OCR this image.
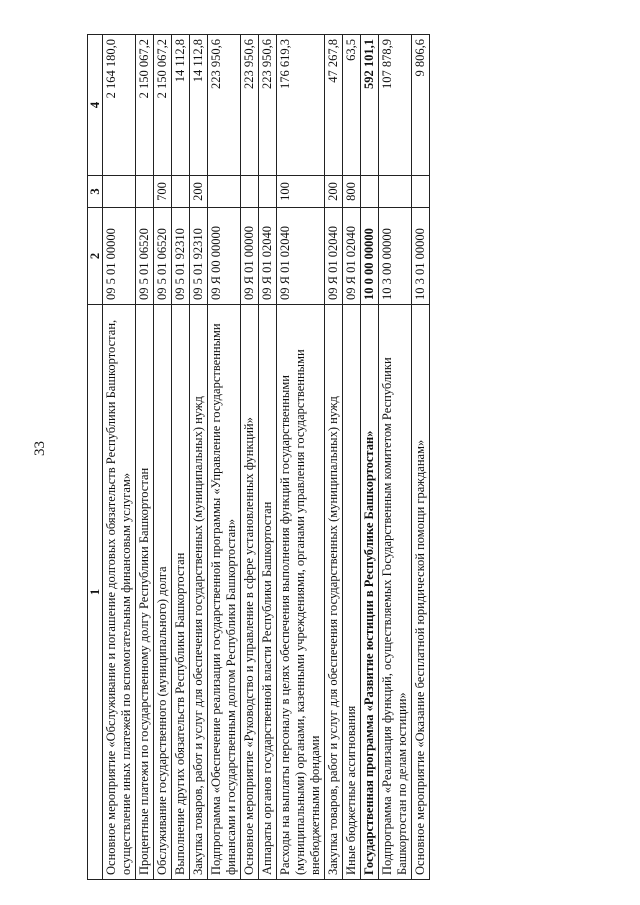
33
1	2	3	4
Основное мероприятие «Обслуживание и погашение долговых обязательств Республики Башкортостан, осуществление иных платежей по вспомогательным финансовым услугам»	09 5 01 00000		2 164 180,0
Процентные платежи по государственному долгу Республики Башкортостан	09 5 01 06520		2 150 067,2
Обслуживание государственного (муниципального) долга	09 5 01 06520	700	2 150 067,2
Выполнение других обязательств Республики Башкортостан	09 5 01 92310		14 112,8
Закупка товаров, работ и услуг для обеспечения государственных (муниципальных) нужд	09 5 01 92310	200	14 112,8
Подпрограмма «Обеспечение реализации государственной программы «Управление государственными финансами и государственным долгом Республики Башкортостан»	09 Я 00 00000		223 950,6
Основное мероприятие «Руководство и управление в сфере установленных функций»	09 Я 01 00000		223 950,6
Аппараты органов государственной власти Республики Башкортостан	09 Я 01 02040		223 950,6
Расходы на выплаты персоналу в целях обеспечения выполнения функций государственными (муниципальными) органами, казенными учреждениями, органами управления государственными внебюджетными фондами	09 Я 01 02040	100	176 619,3
Закупка товаров, работ и услуг для обеспечения государственных (муниципальных) нужд	09 Я 01 02040	200	47 267,8
Иные бюджетные ассигнования	09 Я 01 02040	800	63,5
Государственная программа «Развитие юстиции в Республике Башкортостан»	10 0 00 00000		592 101,1
Подпрограмма «Реализация функций, осуществляемых Государственным комитетом Республики Башкортостан по делам юстиции»	10 3 00 00000		107 878,9
Основное мероприятие «Оказание бесплатной юридической помощи гражданам»	10 3 01 00000		9 806,6
